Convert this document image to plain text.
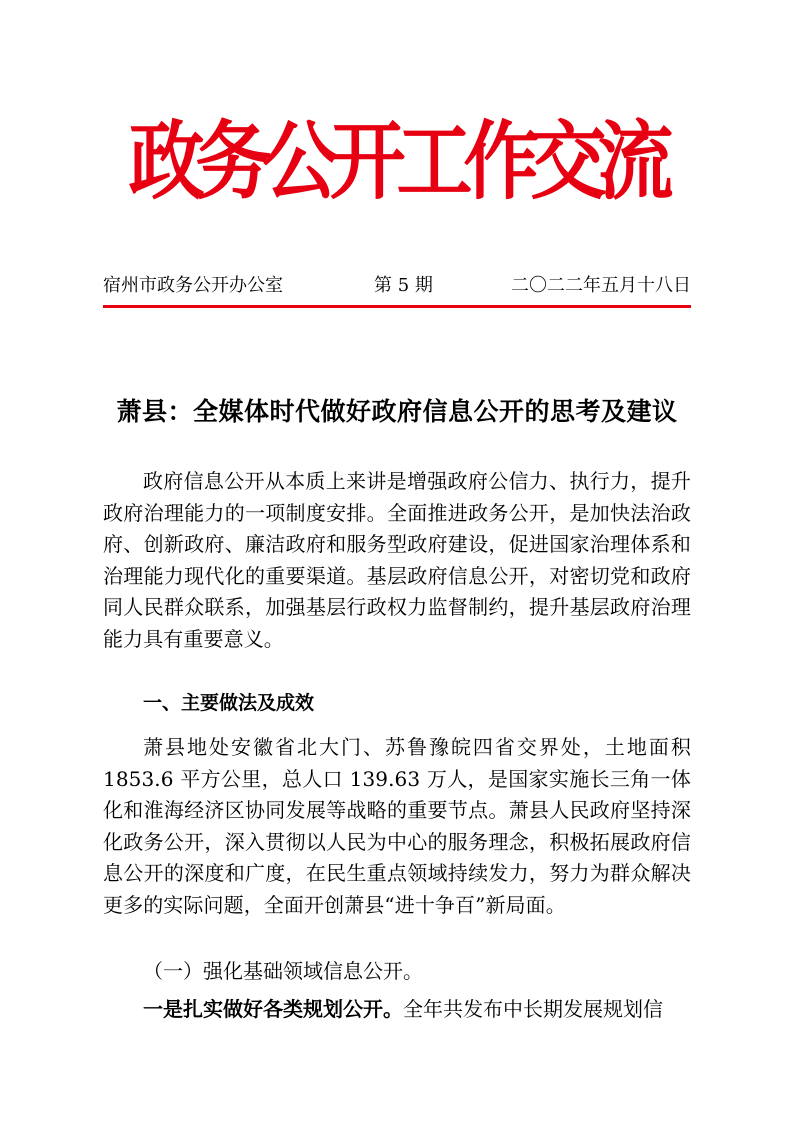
政务公开工作交流
宿州市政务公开办公室	第 5 期	二〇二二年五月十八日
萧县：全媒体时代做好政府信息公开的思考及建议
政府信息公开从本质上来讲是增强政府公信力、执行力，提升政府治理能力的一项制度安排。全面推进政务公开，是加快法治政府、创新政府、廉洁政府和服务型政府建设，促进国家治理体系和治理能力现代化的重要渠道。基层政府信息公开，对密切党和政府同人民群众联系，加强基层行政权力监督制约，提升基层政府治理能力具有重要意义。
一、主要做法及成效
萧县地处安徽省北大门、苏鲁豫皖四省交界处，土地面积1853.6 平方公里，总人口 139.63 万人，是国家实施长三角一体化和淮海经济区协同发展等战略的重要节点。萧县人民政府坚持深化政务公开，深入贯彻以人民为中心的服务理念，积极拓展政府信息公开的深度和广度，在民生重点领域持续发力，努力为群众解决更多的实际问题，全面开创萧县“进十争百”新局面。
（一）强化基础领域信息公开。
一是扎实做好各类规划公开。全年共发布中长期发展规划信
